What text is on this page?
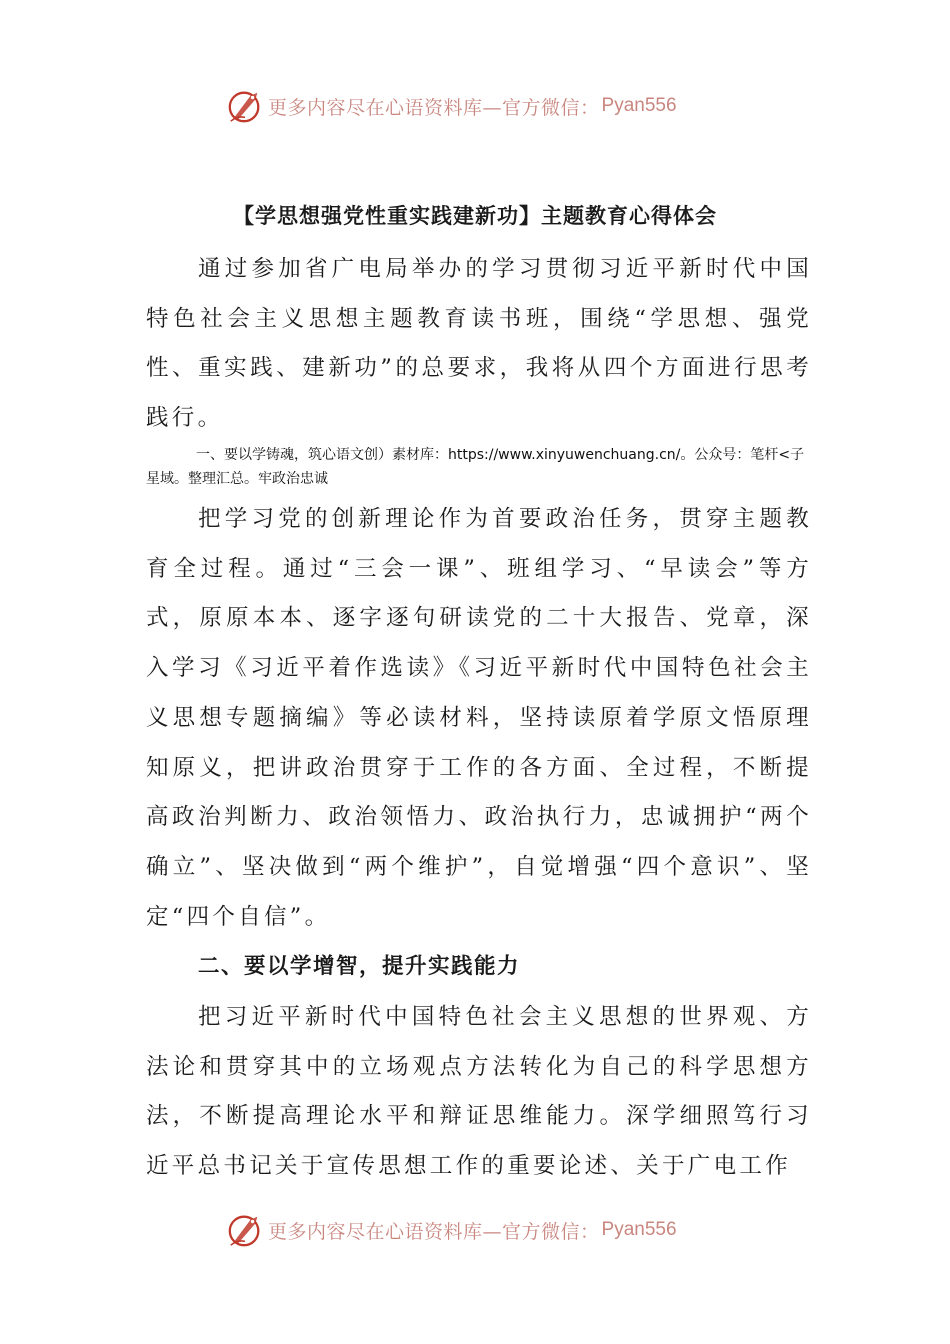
更多内容尽在心语资料库—官方微信： Pyan556
【学思想强党性重实践建新功】主题教育心得体会

通过参加省广电局举办的学习贯彻习近平新时代中国特色社会主义思想主题教育读书班，围绕“学思想、强党性、重实践、建新功”的总要求，我将从四个方面进行思考践行。

一、要以学铸魂，筑心语文创）素材库：https://www.xinyuwenchuang.cn/。公众号：笔杆<子星域。整理汇总。牢政治忠诚

把学习党的创新理论作为首要政治任务，贯穿主题教育全过程。通过“三会一课”、班组学习、“早读会”等方式，原原本本、逐字逐句研读党的二十大报告、党章，深入学习《习近平着作选读》《习近平新时代中国特色社会主义思想专题摘编》等必读材料，坚持读原着学原文悟原理知原义，把讲政治贯穿于工作的各方面、全过程，不断提高政治判断力、政治领悟力、政治执行力，忠诚拥护“两个确立”、坚决做到“两个维护”，自觉增强“四个意识”、坚定“四个自信”。

二、要以学增智，提升实践能力

把习近平新时代中国特色社会主义思想的世界观、方法论和贯穿其中的立场观点方法转化为自己的科学思想方法，不断提高理论水平和辩证思维能力。深学细照笃行习近平总书记关于宣传思想工作的重要论述、关于广电工作

更多内容尽在心语资料库—官方微信： Pyan556
